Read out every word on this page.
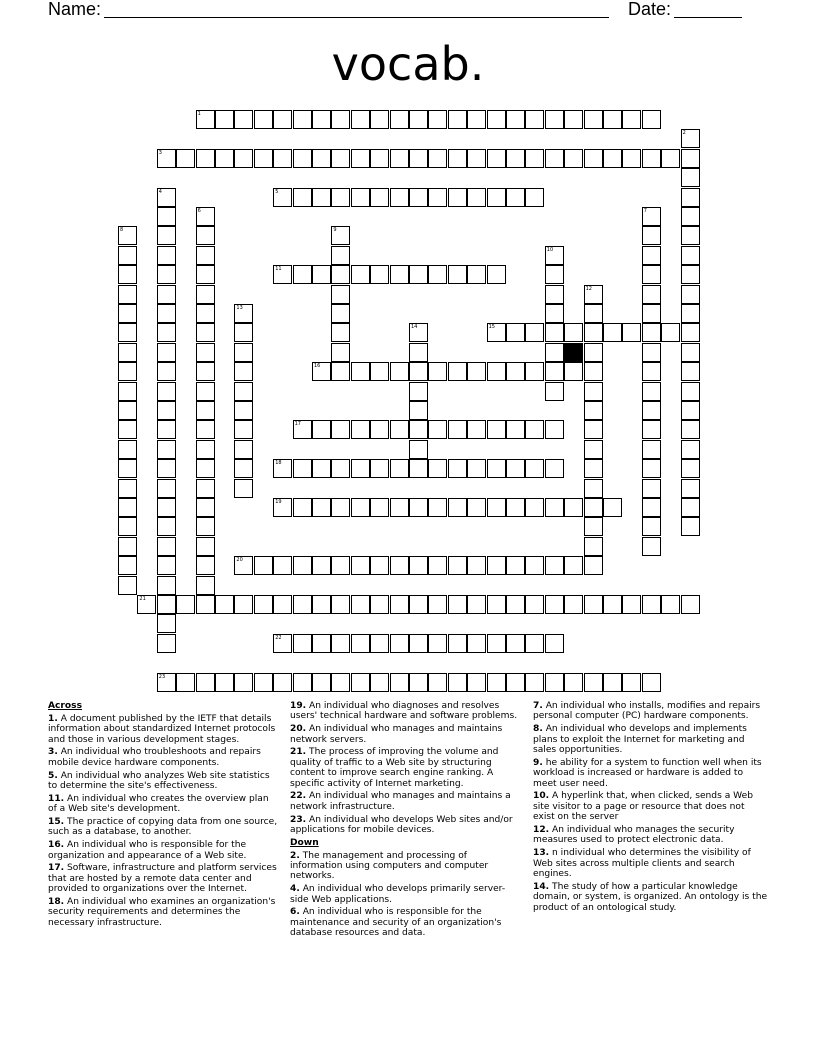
Name:	Date:
vocab.
1
2
3
4	5
6	7
8	9
10
11
12
13
14	15
16
17
18
19
20
21
22
23

Across

1. A document published by the IETF that details information about standardized Internet protocols and those in various development stages.

3. An individual who troubleshoots and repairs mobile device hardware components.

5. An individual who analyzes Web site statistics to determine the site's effectiveness.

11. An individual who creates the overview plan of a Web site's development.

15. The practice of copying data from one source, such as a database, to another.

16. An individual who is responsible for the organization and appearance of a Web site.

17. Software, infrastructure and platform services that are hosted by a remote data center and provided to organizations over the Internet.

18. An individual who examines an organization's security requirements and determines the necessary infrastructure.

19. An individual who diagnoses and resolves users' technical hardware and software problems.

20. An individual who manages and maintains network servers.

21. The process of improving the volume and quality of traffic to a Web site by structuring content to improve search engine ranking. A specific activity of Internet marketing.

22. An individual who manages and maintains a network infrastructure.

23. An individual who develops Web sites and/or applications for mobile devices.

Down

2. The management and processing of information using computers and computer networks.

4. An individual who develops primarily server-side Web applications.

6. An individual who is responsible for the maintenance and security of an organization's database resources and data.

7. An individual who installs, modifies and repairs personal computer (PC) hardware components.

8. An individual who develops and implements plans to exploit the Internet for marketing and sales opportunities.

9. he ability for a system to function well when its workload is increased or hardware is added to meet user need.

10. A hyperlink that, when clicked, sends a Web site visitor to a page or resource that does not exist on the server

12. An individual who manages the security measures used to protect electronic data.

13. n individual who determines the visibility of Web sites across multiple clients and search engines.

14. The study of how a particular knowledge domain, or system, is organized. An ontology is the product of an ontological study.
